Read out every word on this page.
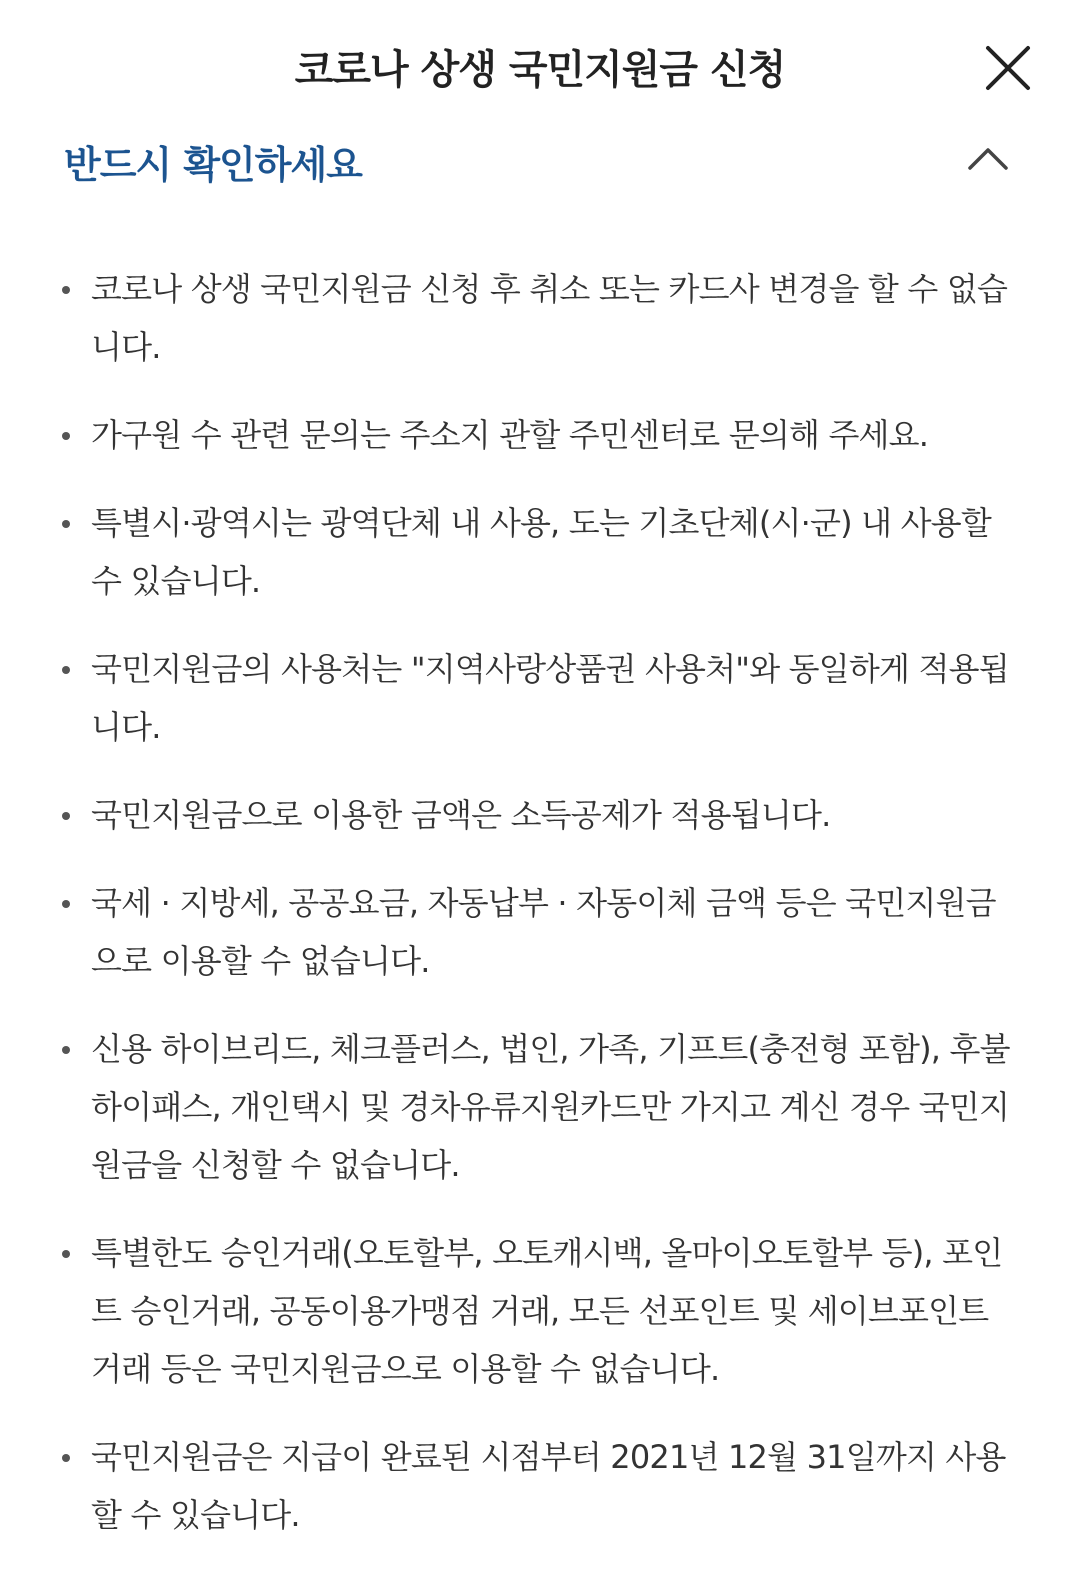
코로나 상생 국민지원금 신청
반드시 확인하세요
코로나 상생 국민지원금 신청 후 취소 또는 카드사 변경을 할 수 없습니다.
가구원 수 관련 문의는 주소지 관할 주민센터로 문의해 주세요.
특별시·광역시는 광역단체 내 사용, 도는 기초단체(시·군) 내 사용할 수 있습니다.
국민지원금의 사용처는 "지역사랑상품권 사용처"와 동일하게 적용됩니다.
국민지원금으로 이용한 금액은 소득공제가 적용됩니다.
국세 · 지방세, 공공요금, 자동납부 · 자동이체 금액 등은 국민지원금으로 이용할 수 없습니다.
신용 하이브리드, 체크플러스, 법인, 가족, 기프트(충전형 포함), 후불하이패스, 개인택시 및 경차유류지원카드만 가지고 계신 경우 국민지원금을 신청할 수 없습니다.
특별한도 승인거래(오토할부, 오토캐시백, 올마이오토할부 등), 포인트 승인거래, 공동이용가맹점 거래, 모든 선포인트 및 세이브포인트 거래 등은 국민지원금으로 이용할 수 없습니다.
국민지원금은 지급이 완료된 시점부터 2021년 12월 31일까지 사용할 수 있습니다.
